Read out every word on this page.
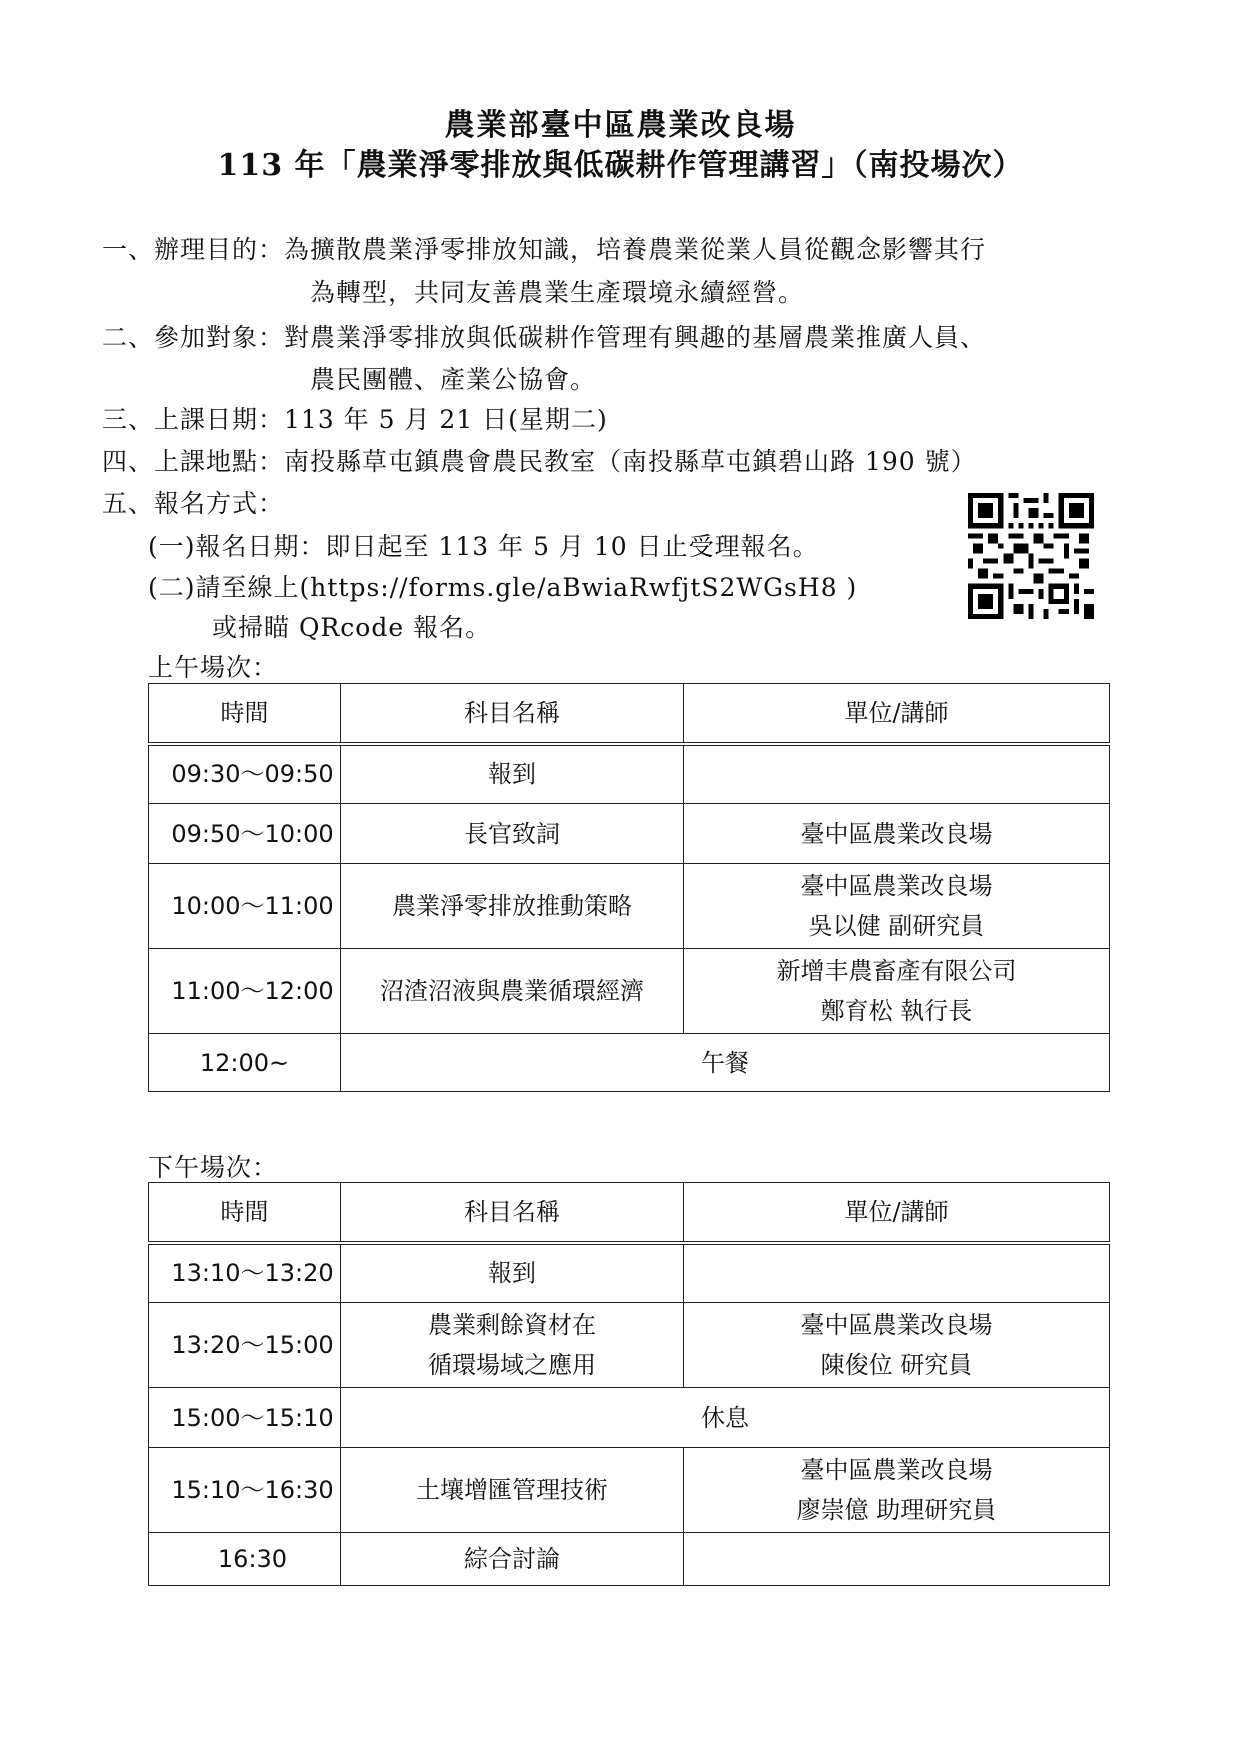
農業部臺中區農業改良場
113 年「農業淨零排放與低碳耕作管理講習」（南投場次）
一、辦理目的：為擴散農業淨零排放知識，培養農業從業人員從觀念影響其行
為轉型，共同友善農業生產環境永續經營。
二、參加對象：對農業淨零排放與低碳耕作管理有興趣的基層農業推廣人員、
農民團體、產業公協會。
三、上課日期：113 年 5 月 21 日(星期二)
四、上課地點：南投縣草屯鎮農會農民教室（南投縣草屯鎮碧山路 190 號）
五、報名方式：
(一)報名日期：即日起至 113 年 5 月 10 日止受理報名。
(二)請至線上(https://forms.gle/aBwiaRwfjtS2WGsH8 )
或掃瞄 QRcode 報名。
上午場次：
時間	科目名稱	單位/講師
09:30～09:50	報到	
09:50～10:00	長官致詞	臺中區農業改良場
10:00～11:00	農業淨零排放推動策略	臺中區農業改良場
吳以健 副研究員

11:00～12:00	沼渣沼液與農業循環經濟	新增丰農畜產有限公司
鄭育松 執行長

12:00~	午餐	
下午場次：
時間	科目名稱	單位/講師
13:10～13:20	報到	
13:20～15:00	農業剩餘資材在
循環場域之應用	臺中區農業改良場
陳俊位 研究員

15:00～15:10	休息	
15:10～16:30	土壤增匯管理技術	臺中區農業改良場
廖崇億 助理研究員

16:30	綜合討論	
